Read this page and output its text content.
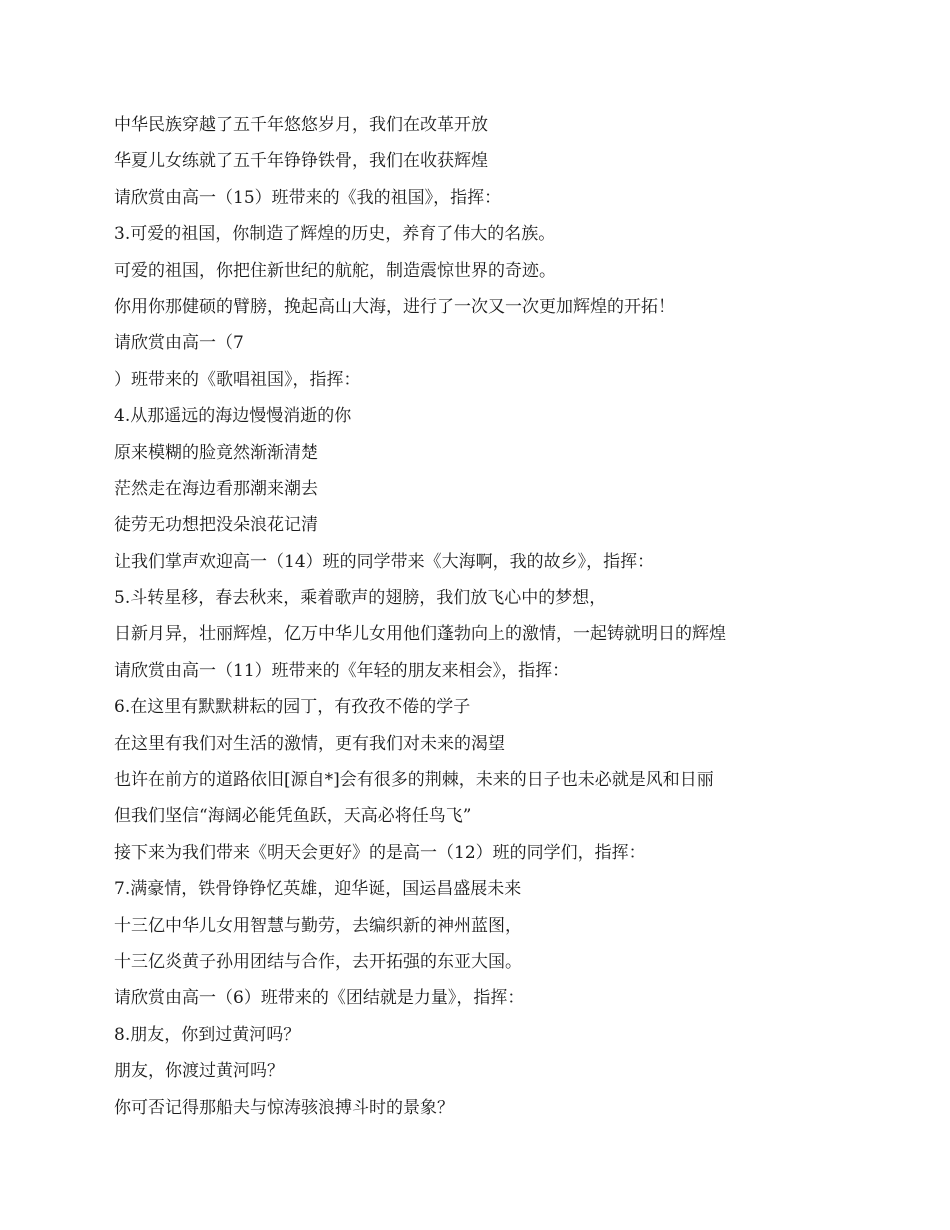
中华民族穿越了五千年悠悠岁月，我们在改革开放
华夏儿女练就了五千年铮铮铁骨，我们在收获辉煌
请欣赏由高一（15）班带来的《我的祖国》，指挥：
3.可爱的祖国，你制造了辉煌的历史，养育了伟大的名族。
可爱的祖国，你把住新世纪的航舵，制造震惊世界的奇迹。
你用你那健硕的臂膀，挽起高山大海，进行了一次又一次更加辉煌的开拓！
请欣赏由高一（7
）班带来的《歌唱祖国》，指挥：
4.从那遥远的海边慢慢消逝的你
原来模糊的脸竟然渐渐清楚
茫然走在海边看那潮来潮去
徒劳无功想把没朵浪花记清
让我们掌声欢迎高一（14）班的同学带来《大海啊，我的故乡》，指挥：
5.斗转星移，春去秋来，乘着歌声的翅膀，我们放飞心中的梦想，
日新月异，壮丽辉煌，亿万中华儿女用他们蓬勃向上的激情，一起铸就明日的辉煌
请欣赏由高一（11）班带来的《年轻的朋友来相会》，指挥：
6.在这里有默默耕耘的园丁，有孜孜不倦的学子
在这里有我们对生活的激情，更有我们对未来的渴望
也许在前方的道路依旧[源自*]会有很多的荆棘，未来的日子也未必就是风和日丽
但我们坚信“海阔必能凭鱼跃，天高必将任鸟飞”
接下来为我们带来《明天会更好》的是高一（12）班的同学们，指挥：
7.满豪情，铁骨铮铮忆英雄，迎华诞，国运昌盛展未来
十三亿中华儿女用智慧与勤劳，去编织新的神州蓝图，
十三亿炎黄子孙用团结与合作，去开拓强的东亚大国。
请欣赏由高一（6）班带来的《团结就是力量》，指挥：
8.朋友，你到过黄河吗？
朋友，你渡过黄河吗？
你可否记得那船夫与惊涛骇浪搏斗时的景象？
